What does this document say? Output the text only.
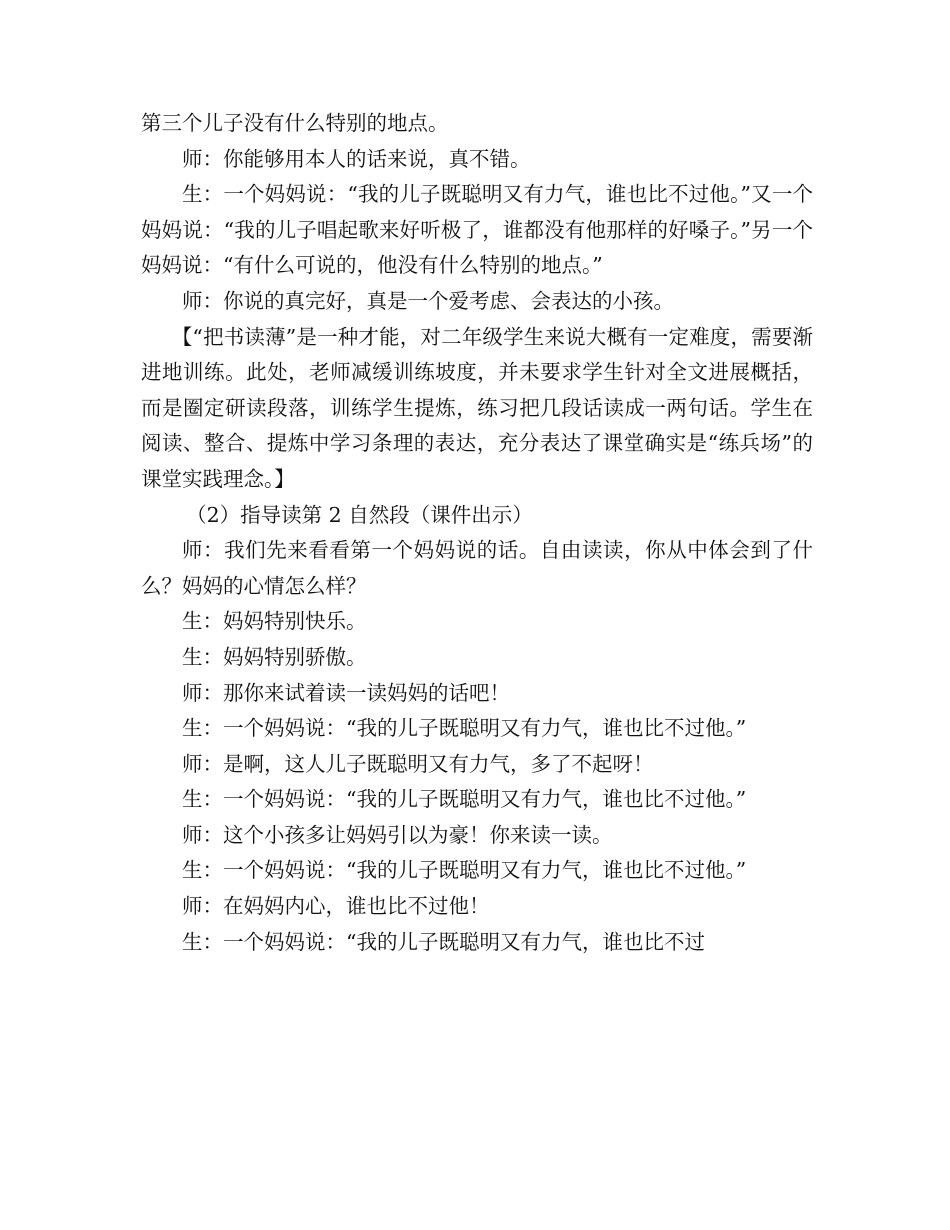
第三个儿子没有什么特别的地点。

师：你能够用本人的话来说，真不错。

生：一个妈妈说：“我的儿子既聪明又有力气，谁也比不过他。”又一个妈妈说：“我的儿子唱起歌来好听极了，谁都没有他那样的好嗓子。”另一个妈妈说：“有什么可说的，他没有什么特别的地点。”

师：你说的真完好，真是一个爱考虑、会表达的小孩。

【“把书读薄”是一种才能，对二年级学生来说大概有一定难度，需要渐进地训练。此处，老师减缓训练坡度，并未要求学生针对全文进展概括，而是圈定研读段落，训练学生提炼，练习把几段话读成一两句话。学生在阅读、整合、提炼中学习条理的表达，充分表达了课堂确实是“练兵场”的课堂实践理念。】

（2）指导读第 2 自然段（课件出示）

师：我们先来看看第一个妈妈说的话。自由读读，你从中体会到了什么？妈妈的心情怎么样？

生：妈妈特别快乐。

生：妈妈特别骄傲。

师：那你来试着读一读妈妈的话吧！

生：一个妈妈说：“我的儿子既聪明又有力气，谁也比不过他。”

师：是啊，这人儿子既聪明又有力气，多了不起呀！

生：一个妈妈说：“我的儿子既聪明又有力气，谁也比不过他。”

师：这个小孩多让妈妈引以为豪！你来读一读。

生：一个妈妈说：“我的儿子既聪明又有力气，谁也比不过他。”

师：在妈妈内心，谁也比不过他！

生：一个妈妈说：“我的儿子既聪明又有力气，谁也比不过
